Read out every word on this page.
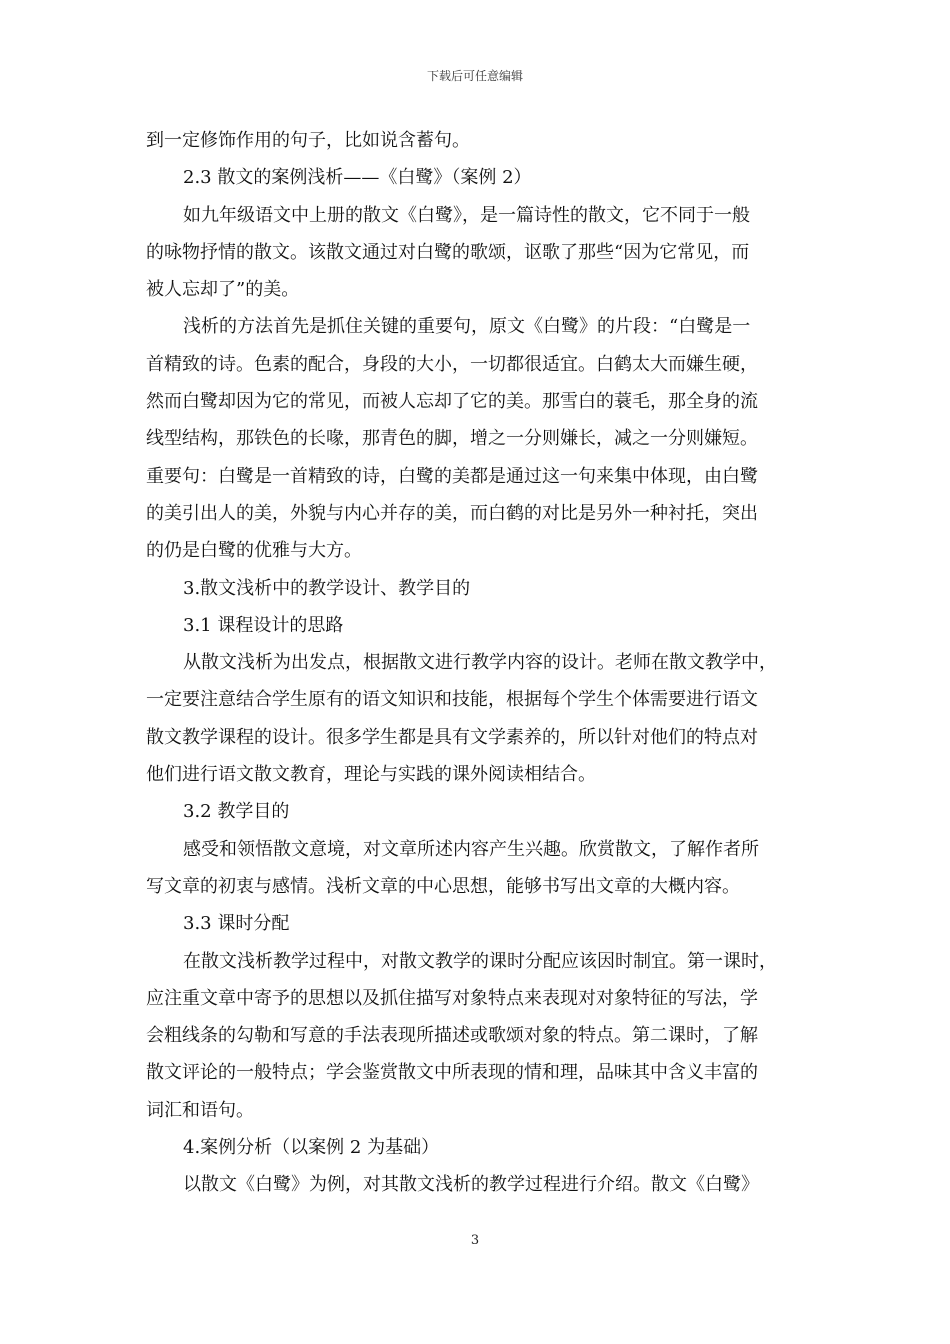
下载后可任意编辑
到一定修饰作用的句子，比如说含蓄句。
2.3 散文的案例浅析——《白鹭》（案例 2）
如九年级语文中上册的散文《白鹭》，是一篇诗性的散文，它不同于一般
的咏物抒情的散文。该散文通过对白鹭的歌颂，讴歌了那些“因为它常见，而
被人忘却了”的美。
浅析的方法首先是抓住关键的重要句，原文《白鹭》的片段：“白鹭是一
首精致的诗。色素的配合，身段的大小，一切都很适宜。白鹤太大而嫌生硬，
然而白鹭却因为它的常见，而被人忘却了它的美。那雪白的蓑毛，那全身的流
线型结构，那铁色的长喙，那青色的脚，增之一分则嫌长，减之一分则嫌短。
重要句：白鹭是一首精致的诗，白鹭的美都是通过这一句来集中体现，由白鹭
的美引出人的美，外貌与内心并存的美，而白鹤的对比是另外一种衬托，突出
的仍是白鹭的优雅与大方。
3.散文浅析中的教学设计、教学目的
3.1 课程设计的思路
从散文浅析为出发点，根据散文进行教学内容的设计。老师在散文教学中，
一定要注意结合学生原有的语文知识和技能，根据每个学生个体需要进行语文
散文教学课程的设计。很多学生都是具有文学素养的，所以针对他们的特点对
他们进行语文散文教育，理论与实践的课外阅读相结合。
3.2 教学目的
感受和领悟散文意境，对文章所述内容产生兴趣。欣赏散文，了解作者所
写文章的初衷与感情。浅析文章的中心思想，能够书写出文章的大概内容。
3.3 课时分配
在散文浅析教学过程中，对散文教学的课时分配应该因时制宜。第一课时，
应注重文章中寄予的思想以及抓住描写对象特点来表现对对象特征的写法，学
会粗线条的勾勒和写意的手法表现所描述或歌颂对象的特点。第二课时，了解
散文评论的一般特点；学会鉴赏散文中所表现的情和理，品味其中含义丰富的
词汇和语句。
4.案例分析（以案例 2 为基础）
以散文《白鹭》为例，对其散文浅析的教学过程进行介绍。散文《白鹭》
3
